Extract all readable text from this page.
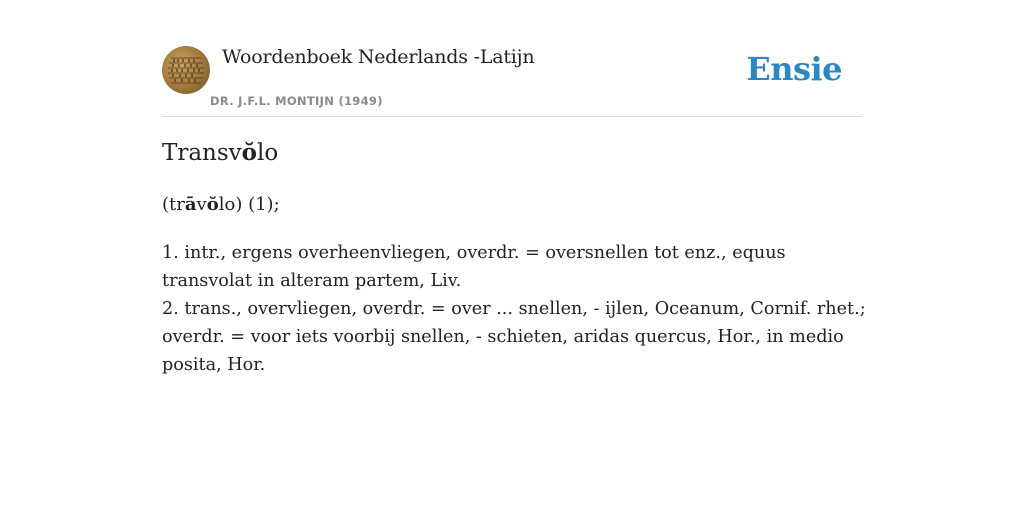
Woordenboek Nederlands -Latijn
DR. J.F.L. MONTIJN (1949)
Ensie
Transvŏlo
(trāvŏlo) (1);
1. intr., ergens overheenvliegen, overdr. = oversnellen tot enz., equus transvolat in alteram partem, Liv.
2. trans., overvliegen, overdr. = over ... snellen, - ijlen, Oceanum, Cornif. rhet.; overdr. = voor iets voorbij snellen, - schieten, aridas quercus, Hor., in medio posita, Hor.
